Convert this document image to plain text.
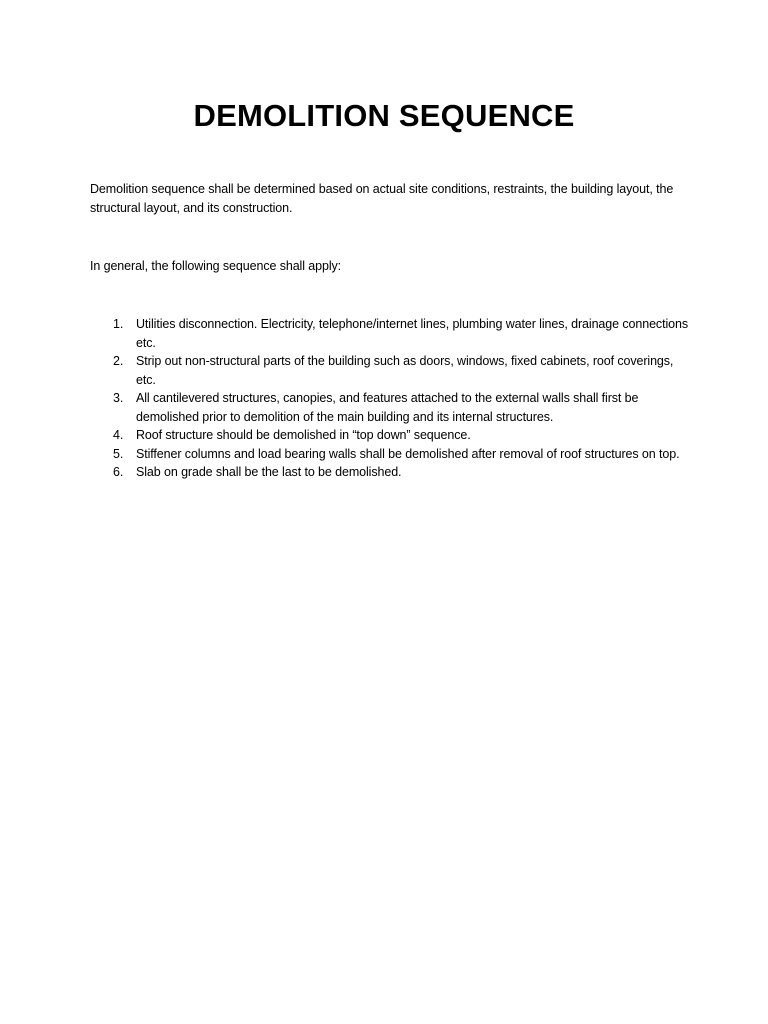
DEMOLITION SEQUENCE
Demolition sequence shall be determined based on actual site conditions, restraints, the building layout, the structural layout, and its construction.
In general, the following sequence shall apply:
1.	Utilities disconnection. Electricity, telephone/internet lines, plumbing water lines, drainage connections etc.
2.	Strip out non-structural parts of the building such as doors, windows, fixed cabinets, roof coverings, etc.
3.	All cantilevered structures, canopies, and features attached to the external walls shall first be demolished prior to demolition of the main building and its internal structures.
4.	Roof structure should be demolished in “top down” sequence.
5.	Stiffener columns and load bearing walls shall be demolished after removal of roof structures on top.
6.	Slab on grade shall be the last to be demolished.
